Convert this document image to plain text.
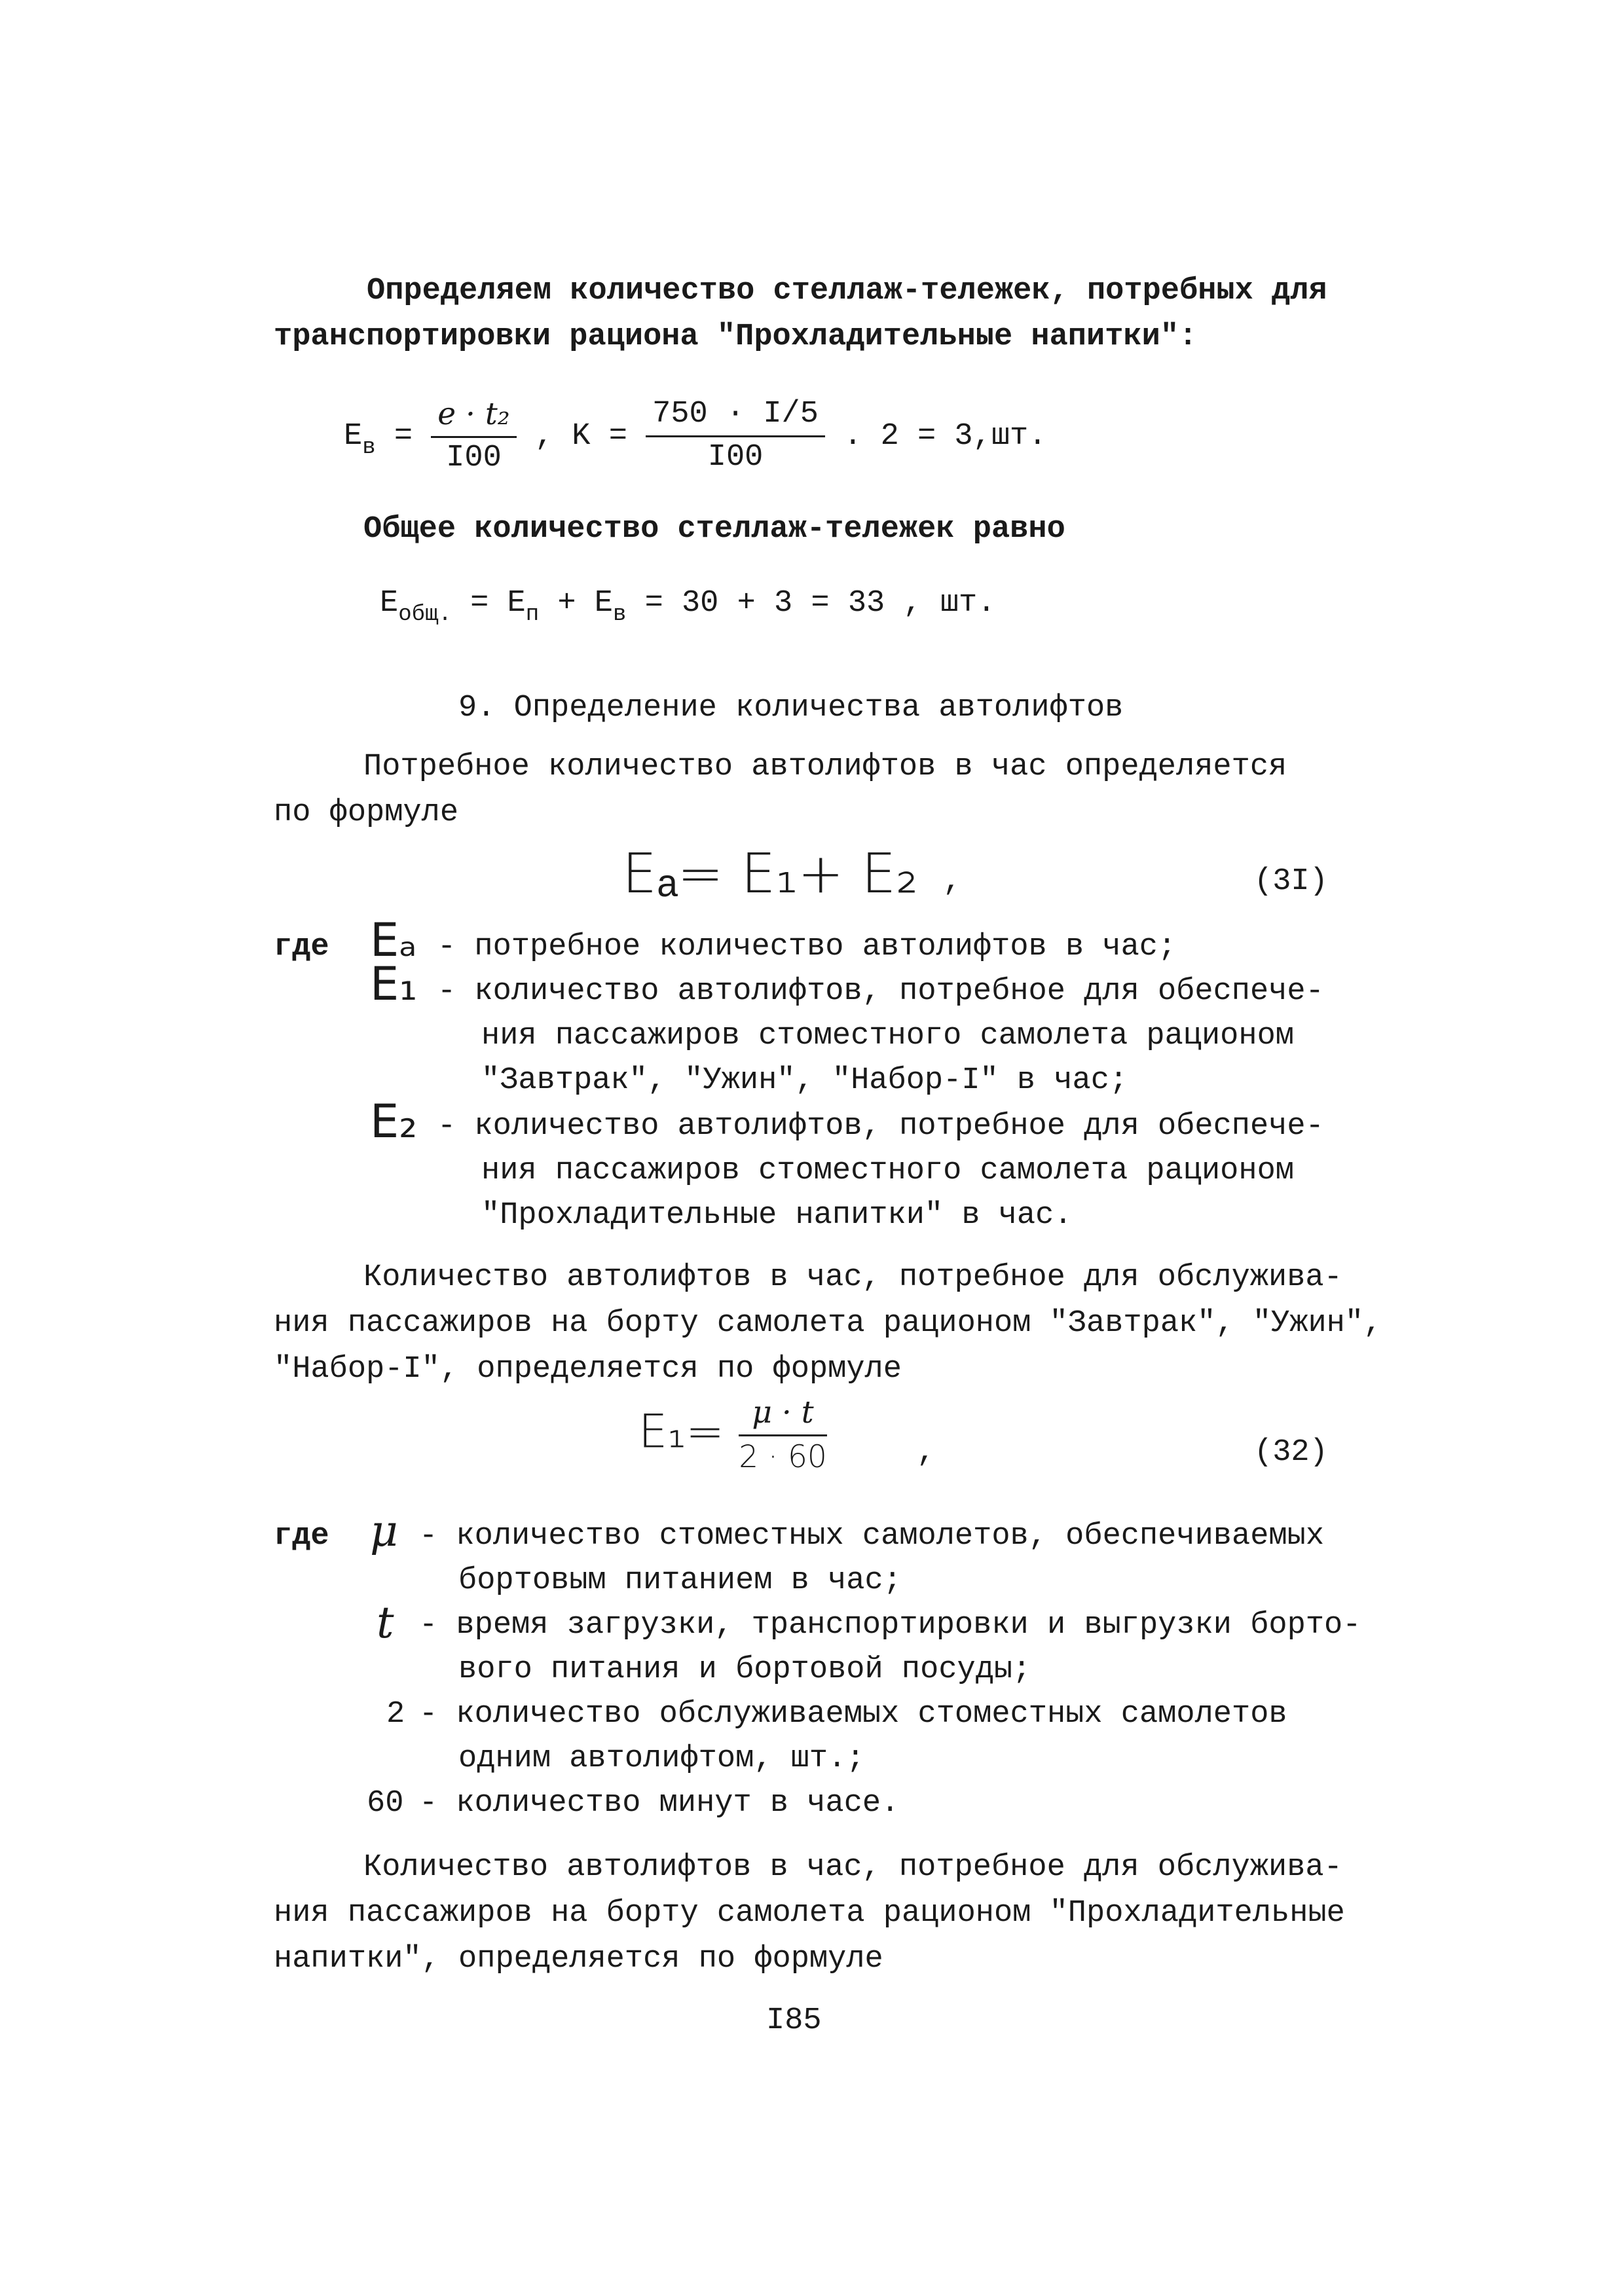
Определяем количество стеллаж-тележек, потребных для
транспортировки рациона "Прохладительные напитки":
$E_в = \frac{\text{e · t₂}}{I00}$ , $K = \frac{750 \cdot I/5}{I00}$ . 2 = 3,шт.
Общее количество стеллаж-тележек равно
$E_{общ.} = E_п + E_в = 30 + 3 = 33$ , шт.
9. Определение количества автолифтов
Потребное количество автолифтов в час определяется
по формуле
Eₐ= E₁+ E₂ ,	(3I)
где Eₐ - потребное количество автолифтов в час;
E₁ - количество автолифтов, потребное для обеспече-
ния пассажиров стоместного самолета рационом
"Завтрак", "Ужин", "Набор-I" в час;
E₂ - количество автолифтов, потребное для обеспече-
ния пассажиров стоместного самолета рационом
"Прохладительные напитки" в час.
Количество автолифтов в час, потребное для обслужива-
ния пассажиров на борту самолета рационом "Завтрак", "Ужин",
"Набор-I", определяется по формуле
$E_1= \frac{\mu \cdot t}{2 \cdot 60}$	,	(32)
где μ - количество стоместных самолетов, обеспечиваемых
бортовым питанием в час;
t - время загрузки, транспортировки и выгрузки борто-
вого питания и бортовой посуды;
2 - количество обслуживаемых стоместных самолетов
одним автолифтом, шт.;
60 - количество минут в часе.
Количество автолифтов в час, потребное для обслужива-
ния пассажиров на борту самолета рационом "Прохладительные
напитки", определяется по формуле
I85
